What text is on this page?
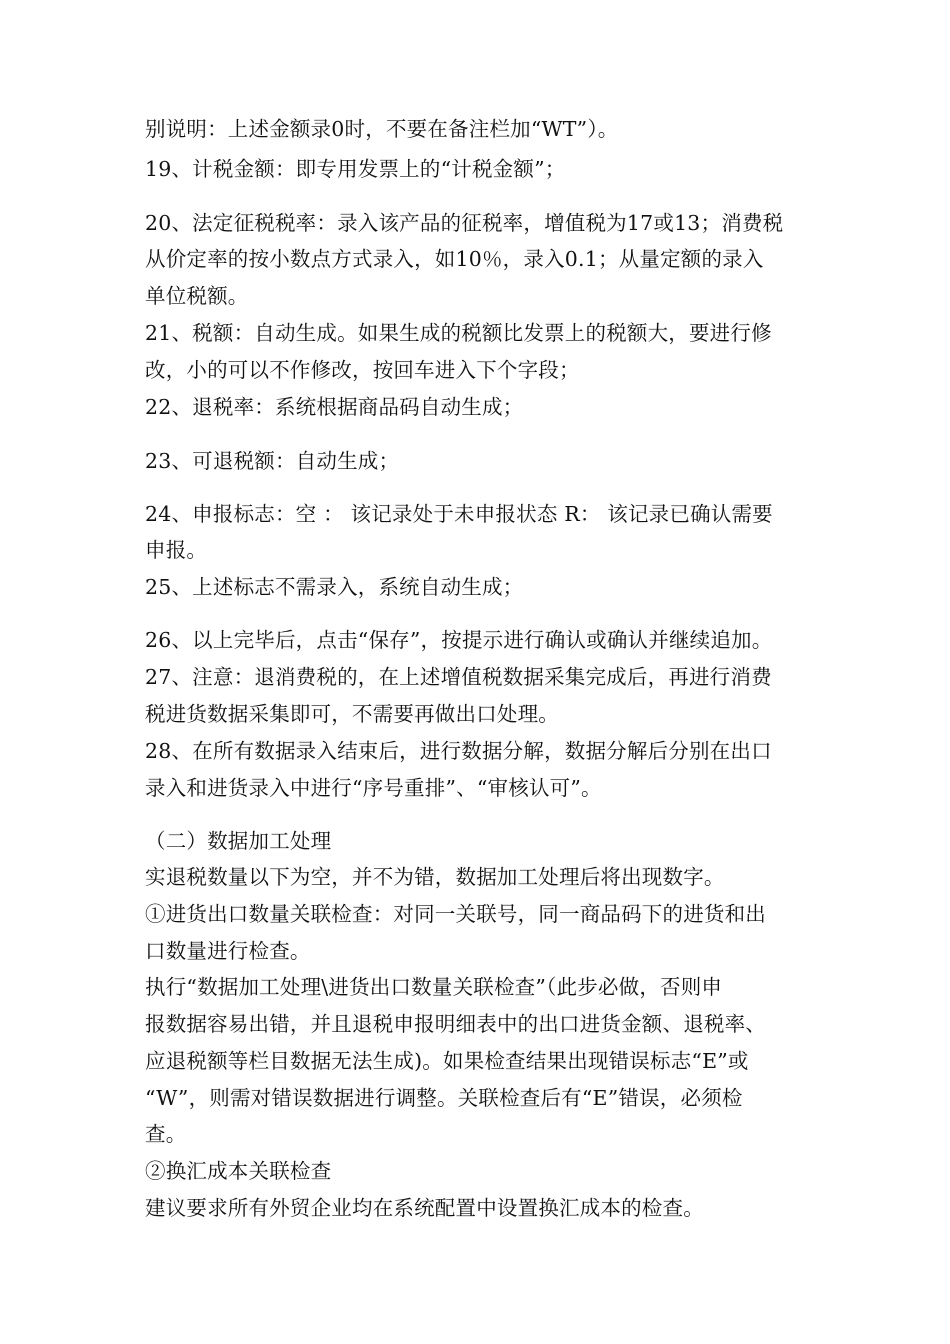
别说明：上述金额录0时，不要在备注栏加“WT”）。
19、计税金额：即专用发票上的“计税金额”；
20、法定征税税率：录入该产品的征税率，增值税为17或13；消费税
从价定率的按小数点方式录入，如10％，录入0.1；从量定额的录入
单位税额。
21、税额：自动生成。如果生成的税额比发票上的税额大，要进行修
改，小的可以不作修改，按回车进入下个字段；
22、退税率：系统根据商品码自动生成；
23、可退税额：自动生成；
24、申报标志：空 ： 该记录处于未申报状态 R： 该记录已确认需要
申报。
25、上述标志不需录入，系统自动生成；
26、以上完毕后，点击“保存”，按提示进行确认或确认并继续追加。
27、注意：退消费税的，在上述增值税数据采集完成后，再进行消费
税进货数据采集即可，不需要再做出口处理。
28、在所有数据录入结束后，进行数据分解，数据分解后分别在出口
录入和进货录入中进行“序号重排”、“审核认可”。
（二）数据加工处理
实退税数量以下为空，并不为错，数据加工处理后将出现数字。
①进货出口数量关联检查：对同一关联号，同一商品码下的进货和出
口数量进行检查。
执行“数据加工处理\进货出口数量关联检查”（此步必做，否则申
报数据容易出错，并且退税申报明细表中的出口进货金额、退税率、
应退税额等栏目数据无法生成)。如果检查结果出现错误标志“E”或
“W”，则需对错误数据进行调整。关联检查后有“E”错误，必须检
查。
②换汇成本关联检查
建议要求所有外贸企业均在系统配置中设置换汇成本的检查。
